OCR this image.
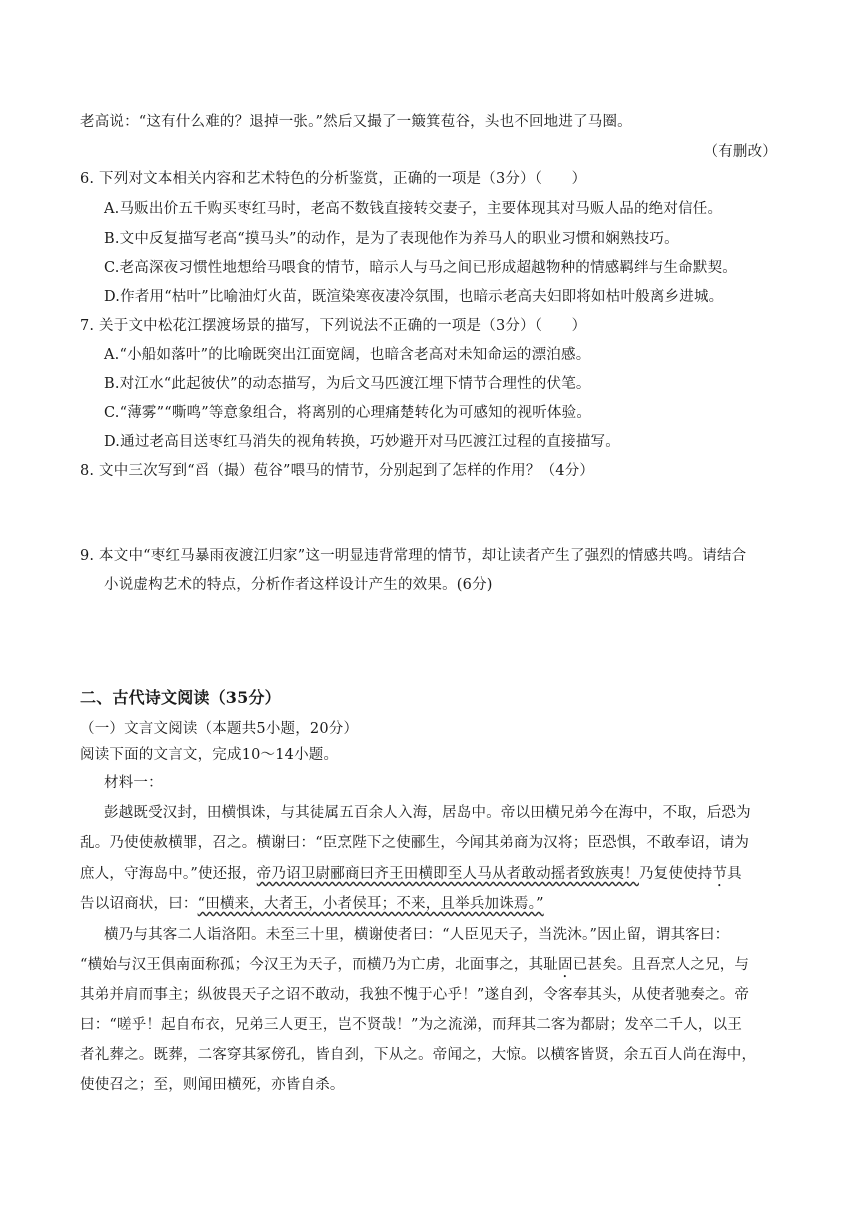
老高说：“这有什么难的？退掉一张。”然后又撮了一簸箕苞谷，头也不回地进了马圈。
（有删改）
6. 下列对文本相关内容和艺术特色的分析鉴赏，正确的一项是（3分）（　　）
A.马贩出价五千购买枣红马时，老高不数钱直接转交妻子，主要体现其对马贩人品的绝对信任。
B.文中反复描写老高“摸马头”的动作，是为了表现他作为养马人的职业习惯和娴熟技巧。
C.老高深夜习惯性地想给马喂食的情节，暗示人与马之间已形成超越物种的情感羁绊与生命默契。
D.作者用“枯叶”比喻油灯火苗，既渲染寒夜凄冷氛围，也暗示老高夫妇即将如枯叶般离乡进城。
7. 关于文中松花江摆渡场景的描写，下列说法不正确的一项是（3分）（　　）
A.“小船如落叶”的比喻既突出江面宽阔，也暗含老高对未知命运的漂泊感。
B.对江水“此起彼伏”的动态描写，为后文马匹渡江埋下情节合理性的伏笔。
C.“薄雾”“嘶鸣”等意象组合，将离别的心理痛楚转化为可感知的视听体验。
D.通过老高目送枣红马消失的视角转换，巧妙避开对马匹渡江过程的直接描写。
8. 文中三次写到“舀（撮）苞谷”喂马的情节，分别起到了怎样的作用？（4分）
9. 本文中“枣红马暴雨夜渡江归家”这一明显违背常理的情节，却让读者产生了强烈的情感共鸣。请结合
小说虚构艺术的特点，分析作者这样设计产生的效果。(6分)
二、古代诗文阅读（35分）
（一）文言文阅读（本题共5小题，20分）
阅读下面的文言文，完成10～14小题。
材料一：
彭越既受汉封，田横惧诛，与其徒属五百余人入海，居岛中。帝以田横兄弟今在海中，不取，后恐为
乱。乃使使赦横罪，召之。横谢曰：“臣烹陛下之使郦生，今闻其弟商为汉将；臣恐惧，不敢奉诏，请为
庶人，守海岛中。”使还报，帝乃诏卫尉郦商曰齐王田横即至人马从者敢动摇者致族夷！乃复使使持节具
告以诏商状，曰：“田横来，大者王，小者侯耳；不来，且举兵加诛焉。”
横乃与其客二人诣洛阳。未至三十里，横谢使者曰：“人臣见天子，当洗沐。”因止留，谓其客曰：
“横始与汉王俱南面称孤；今汉王为天子，而横乃为亡虏，北面事之，其耻固已甚矣。且吾烹人之兄，与
其弟并肩而事主；纵彼畏天子之诏不敢动，我独不愧于心乎！”遂自刭，令客奉其头，从使者驰奏之。帝
曰：“嗟乎！起自布衣，兄弟三人更王，岂不贤哉！”为之流涕，而拜其二客为都尉；发卒二千人，以王
者礼葬之。既葬，二客穿其冢傍孔，皆自刭，下从之。帝闻之，大惊。以横客皆贤，余五百人尚在海中，
使使召之；至，则闻田横死，亦皆自杀。
